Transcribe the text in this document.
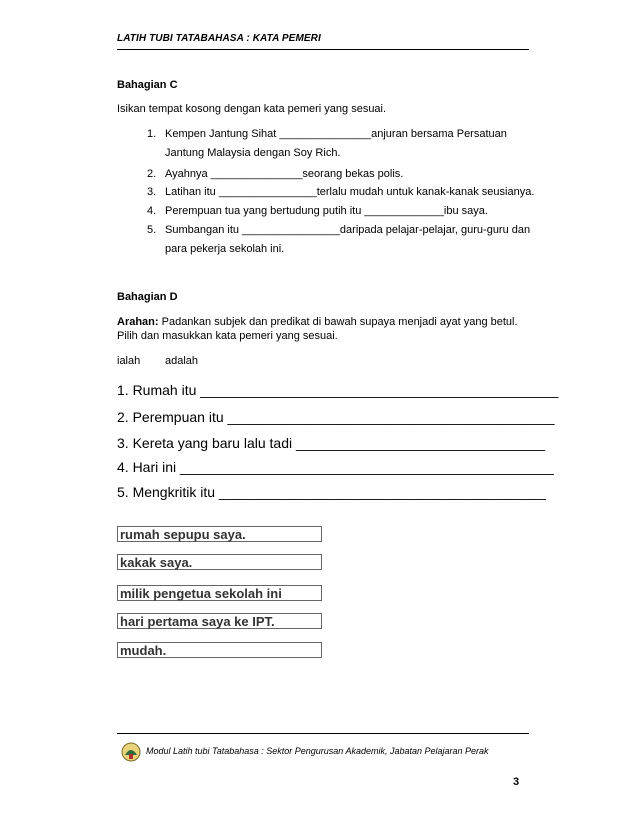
LATIH TUBI TATABAHASA : KATA PEMERI
Bahagian C
Isikan tempat kosong dengan kata pemeri yang sesuai.
1. Kempen Jantung Sihat _______________anjuran bersama Persatuan
Jantung Malaysia dengan Soy Rich.
2. Ayahnya _______________seorang bekas polis.
3. Latihan itu ________________terlalu mudah untuk kanak-kanak seusianya.
4. Perempuan tua yang bertudung putih itu _____________ibu saya.
5. Sumbangan itu ________________daripada pelajar-pelajar, guru-guru dan
para pekerja sekolah ini.
Bahagian D
Arahan: Padankan subjek dan predikat di bawah supaya menjadi ayat yang betul.
Pilih dan masukkan kata pemeri yang sesuai.
ialah adalah
1. Rumah itu ______________________________________________
2. Perempuan itu __________________________________________
3. Kereta yang baru lalu tadi ________________________________
4. Hari ini ________________________________________________
5. Mengkritik itu __________________________________________
rumah sepupu saya.
kakak saya.
milik pengetua sekolah ini
hari pertama saya ke IPT.
mudah.
Modul Latih tubi Tatabahasa : Sektor Pengurusan Akademik, Jabatan Pelajaran Perak
3
